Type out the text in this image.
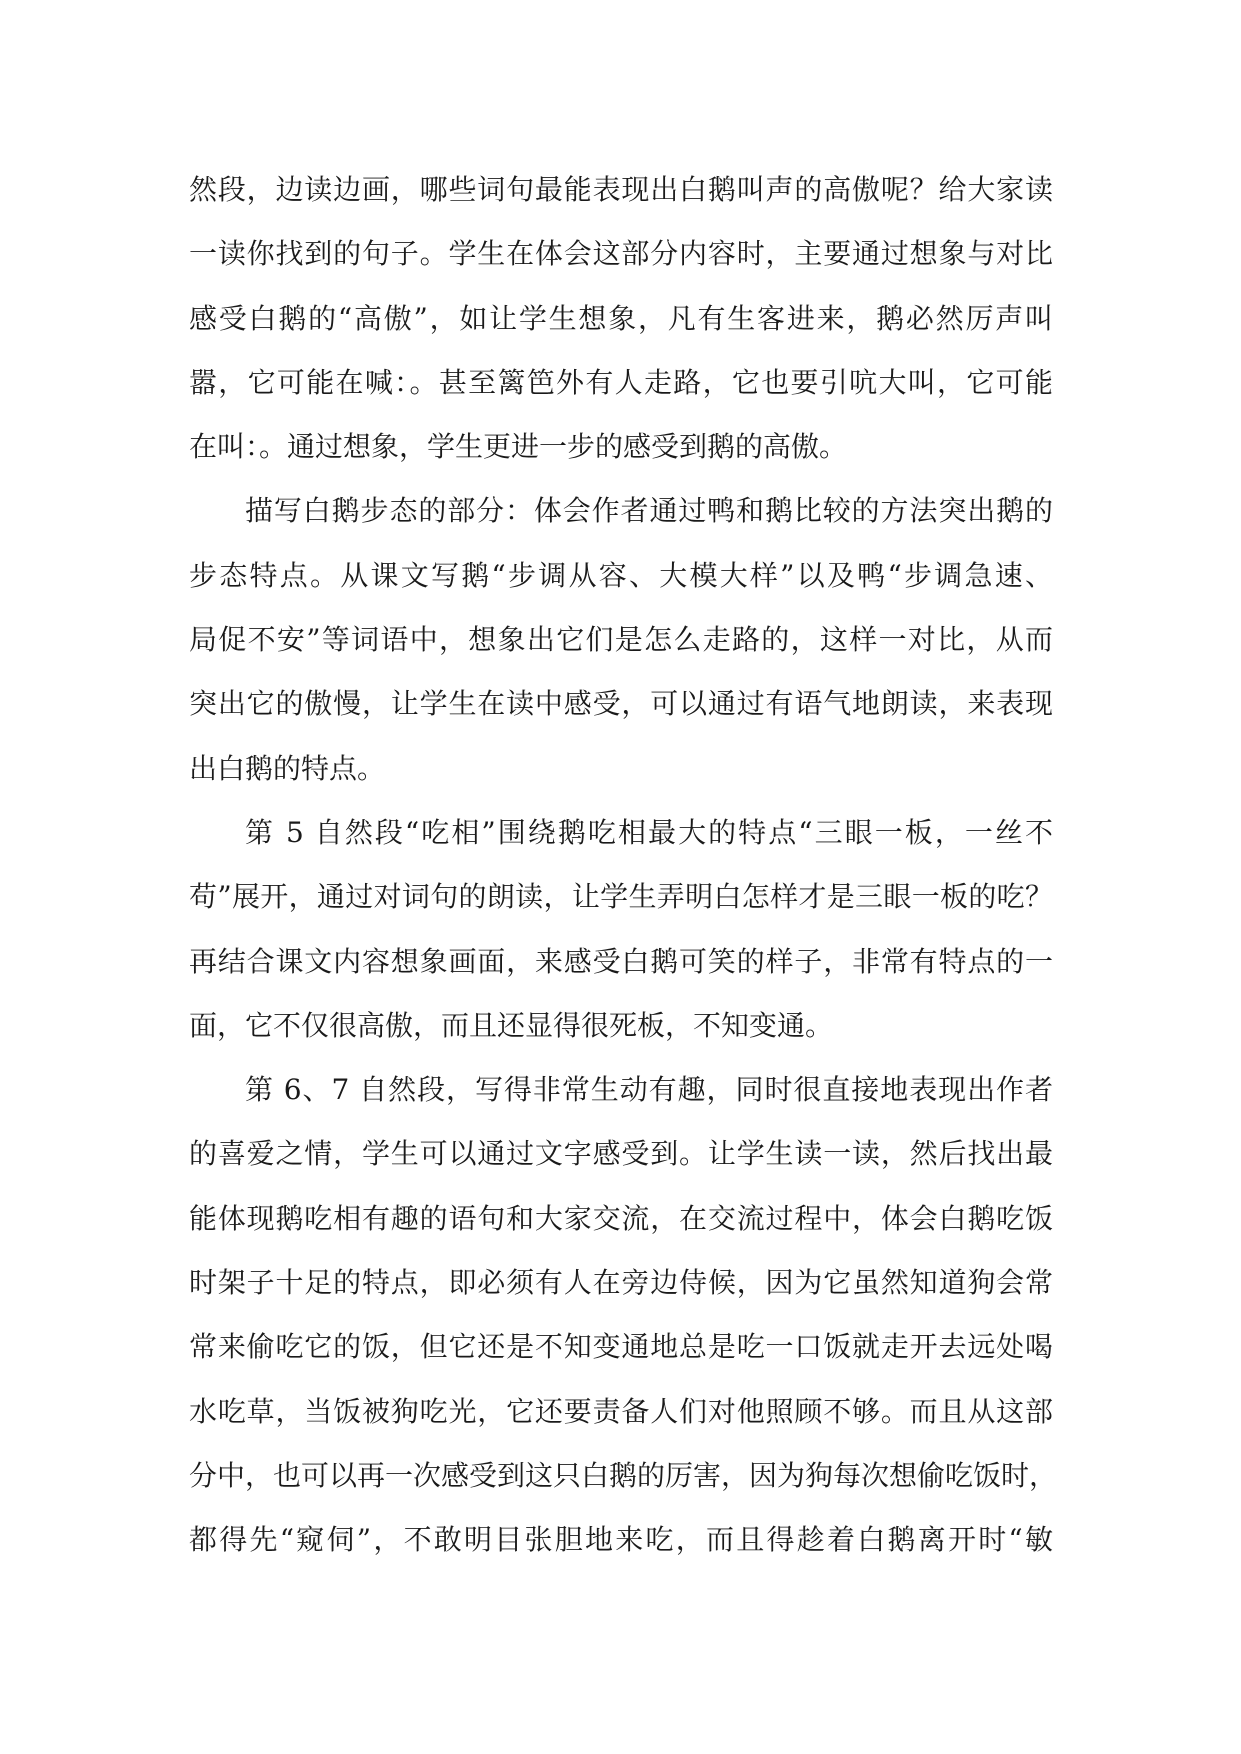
然段，边读边画，哪些词句最能表现出白鹅叫声的高傲呢？给大家读
一读你找到的句子。学生在体会这部分内容时，主要通过想象与对比
感受白鹅的“高傲”，如让学生想象，凡有生客进来，鹅必然厉声叫
嚣，它可能在喊：。甚至篱笆外有人走路，它也要引吭大叫，它可能
在叫：。通过想象，学生更进一步的感受到鹅的高傲。
描写白鹅步态的部分：体会作者通过鸭和鹅比较的方法突出鹅的
步态特点。从课文写鹅“步调从容、大模大样”以及鸭“步调急速、
局促不安”等词语中，想象出它们是怎么走路的，这样一对比，从而
突出它的傲慢，让学生在读中感受，可以通过有语气地朗读，来表现
出白鹅的特点。
第 5 自然段“吃相”围绕鹅吃相最大的特点“三眼一板，一丝不
苟”展开，通过对词句的朗读，让学生弄明白怎样才是三眼一板的吃？
再结合课文内容想象画面，来感受白鹅可笑的样子，非常有特点的一
面，它不仅很高傲，而且还显得很死板，不知变通。
第 6、7 自然段，写得非常生动有趣，同时很直接地表现出作者
的喜爱之情，学生可以通过文字感受到。让学生读一读，然后找出最
能体现鹅吃相有趣的语句和大家交流，在交流过程中，体会白鹅吃饭
时架子十足的特点，即必须有人在旁边侍候，因为它虽然知道狗会常
常来偷吃它的饭，但它还是不知变通地总是吃一口饭就走开去远处喝
水吃草，当饭被狗吃光，它还要责备人们对他照顾不够。而且从这部
分中，也可以再一次感受到这只白鹅的厉害，因为狗每次想偷吃饭时，
都得先“窥伺”，不敢明目张胆地来吃，而且得趁着白鹅离开时“敏
